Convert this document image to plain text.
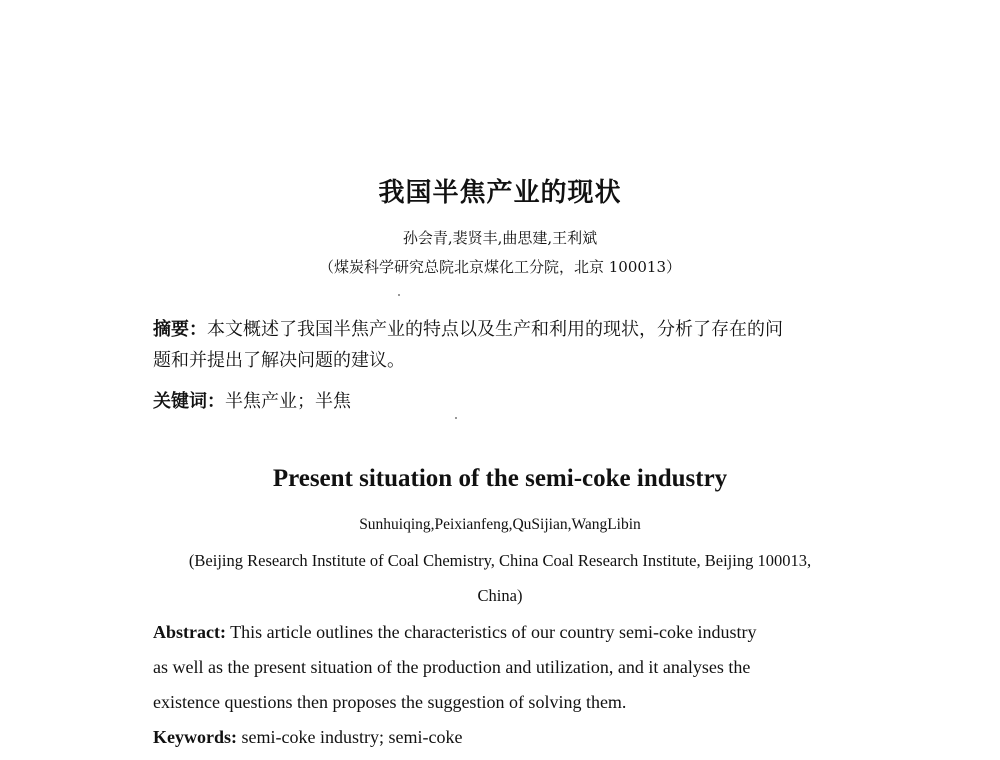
我国半焦产业的现状
孙会青,裴贤丰,曲思建,王利斌
（煤炭科学研究总院北京煤化工分院，北京 100013）
摘要：本文概述了我国半焦产业的特点以及生产和利用的现状，分析了存在的问
题和并提出了解决问题的建议。
关键词：半焦产业；半焦
Present situation of the semi-coke industry
Sunhuiqing,Peixianfeng,QuSijian,WangLibin
(Beijing Research Institute of Coal Chemistry, China Coal Research Institute, Beijing 100013,
China)
Abstract: This article outlines the characteristics of our country semi-coke industry
as well as the present situation of the production and utilization, and it analyses the
existence questions then proposes the suggestion of solving them.
Keywords: semi-coke industry; semi-coke
